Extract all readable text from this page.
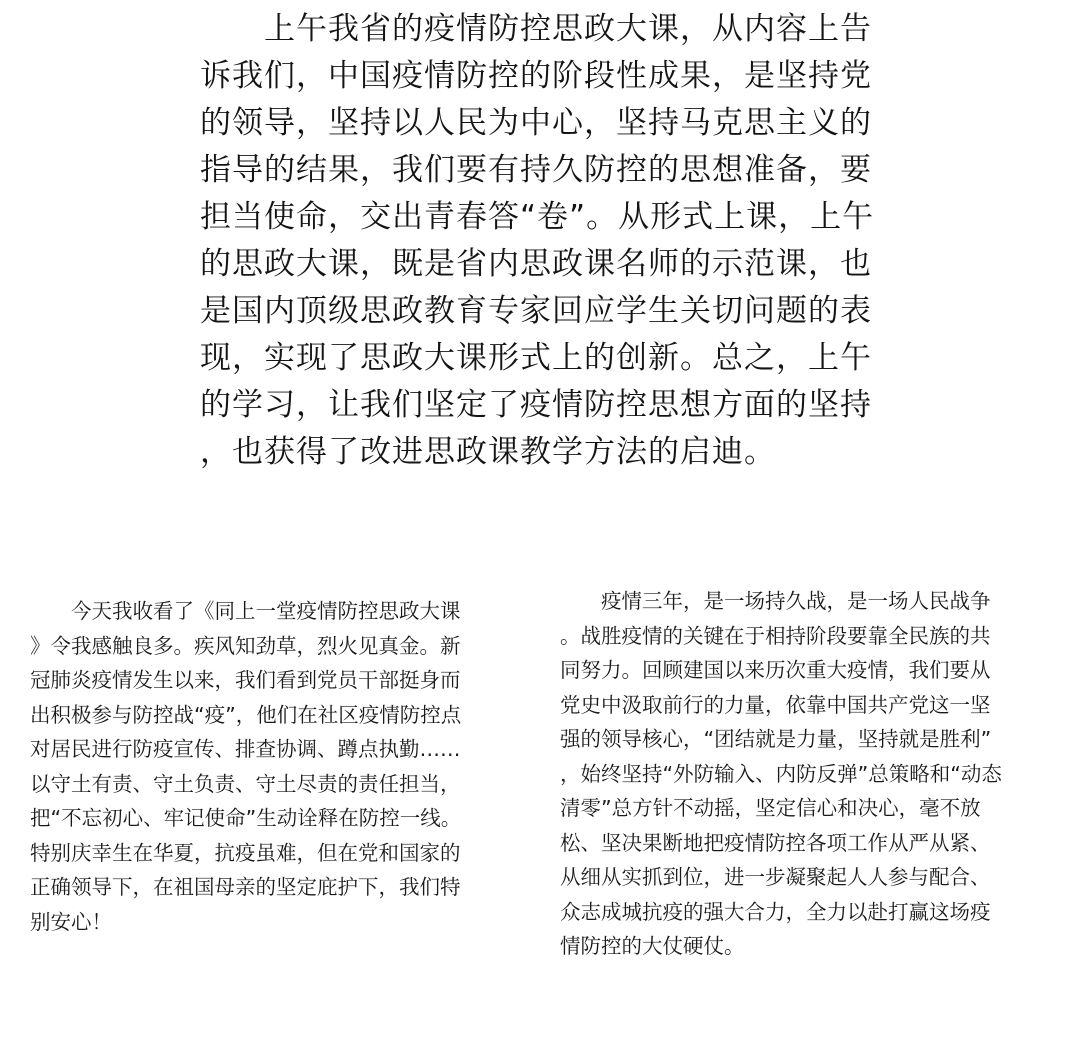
　　上午我省的疫情防控思政大课，从内容上告
诉我们，中国疫情防控的阶段性成果，是坚持党
的领导，坚持以人民为中心，坚持马克思主义的
指导的结果，我们要有持久防控的思想准备，要
担当使命，交出青春答“卷”。从形式上课，上午
的思政大课，既是省内思政课名师的示范课，也
是国内顶级思政教育专家回应学生关切问题的表
现，实现了思政大课形式上的创新。总之，上午
的学习，让我们坚定了疫情防控思想方面的坚持
，也获得了改进思政课教学方法的启迪。
　　今天我收看了《同上一堂疫情防控思政大课
》令我感触良多。疾风知劲草，烈火见真金。新
冠肺炎疫情发生以来，我们看到党员干部挺身而
出积极参与防控战“疫”，他们在社区疫情防控点
对居民进行防疫宣传、排查协调、蹲点执勤……
以守土有责、守土负责、守土尽责的责任担当，
把“不忘初心、牢记使命”生动诠释在防控一线。
特别庆幸生在华夏，抗疫虽难，但在党和国家的
正确领导下，在祖国母亲的坚定庇护下，我们特
别安心！
　　疫情三年，是一场持久战，是一场人民战争
。战胜疫情的关键在于相持阶段要靠全民族的共
同努力。回顾建国以来历次重大疫情，我们要从
党史中汲取前行的力量，依靠中国共产党这一坚
强的领导核心，“团结就是力量，坚持就是胜利”
，始终坚持“外防输入、内防反弹”总策略和“动态
清零”总方针不动摇，坚定信心和决心，毫不放
松、坚决果断地把疫情防控各项工作从严从紧、
从细从实抓到位，进一步凝聚起人人参与配合、
众志成城抗疫的强大合力，全力以赴打赢这场疫
情防控的大仗硬仗。
